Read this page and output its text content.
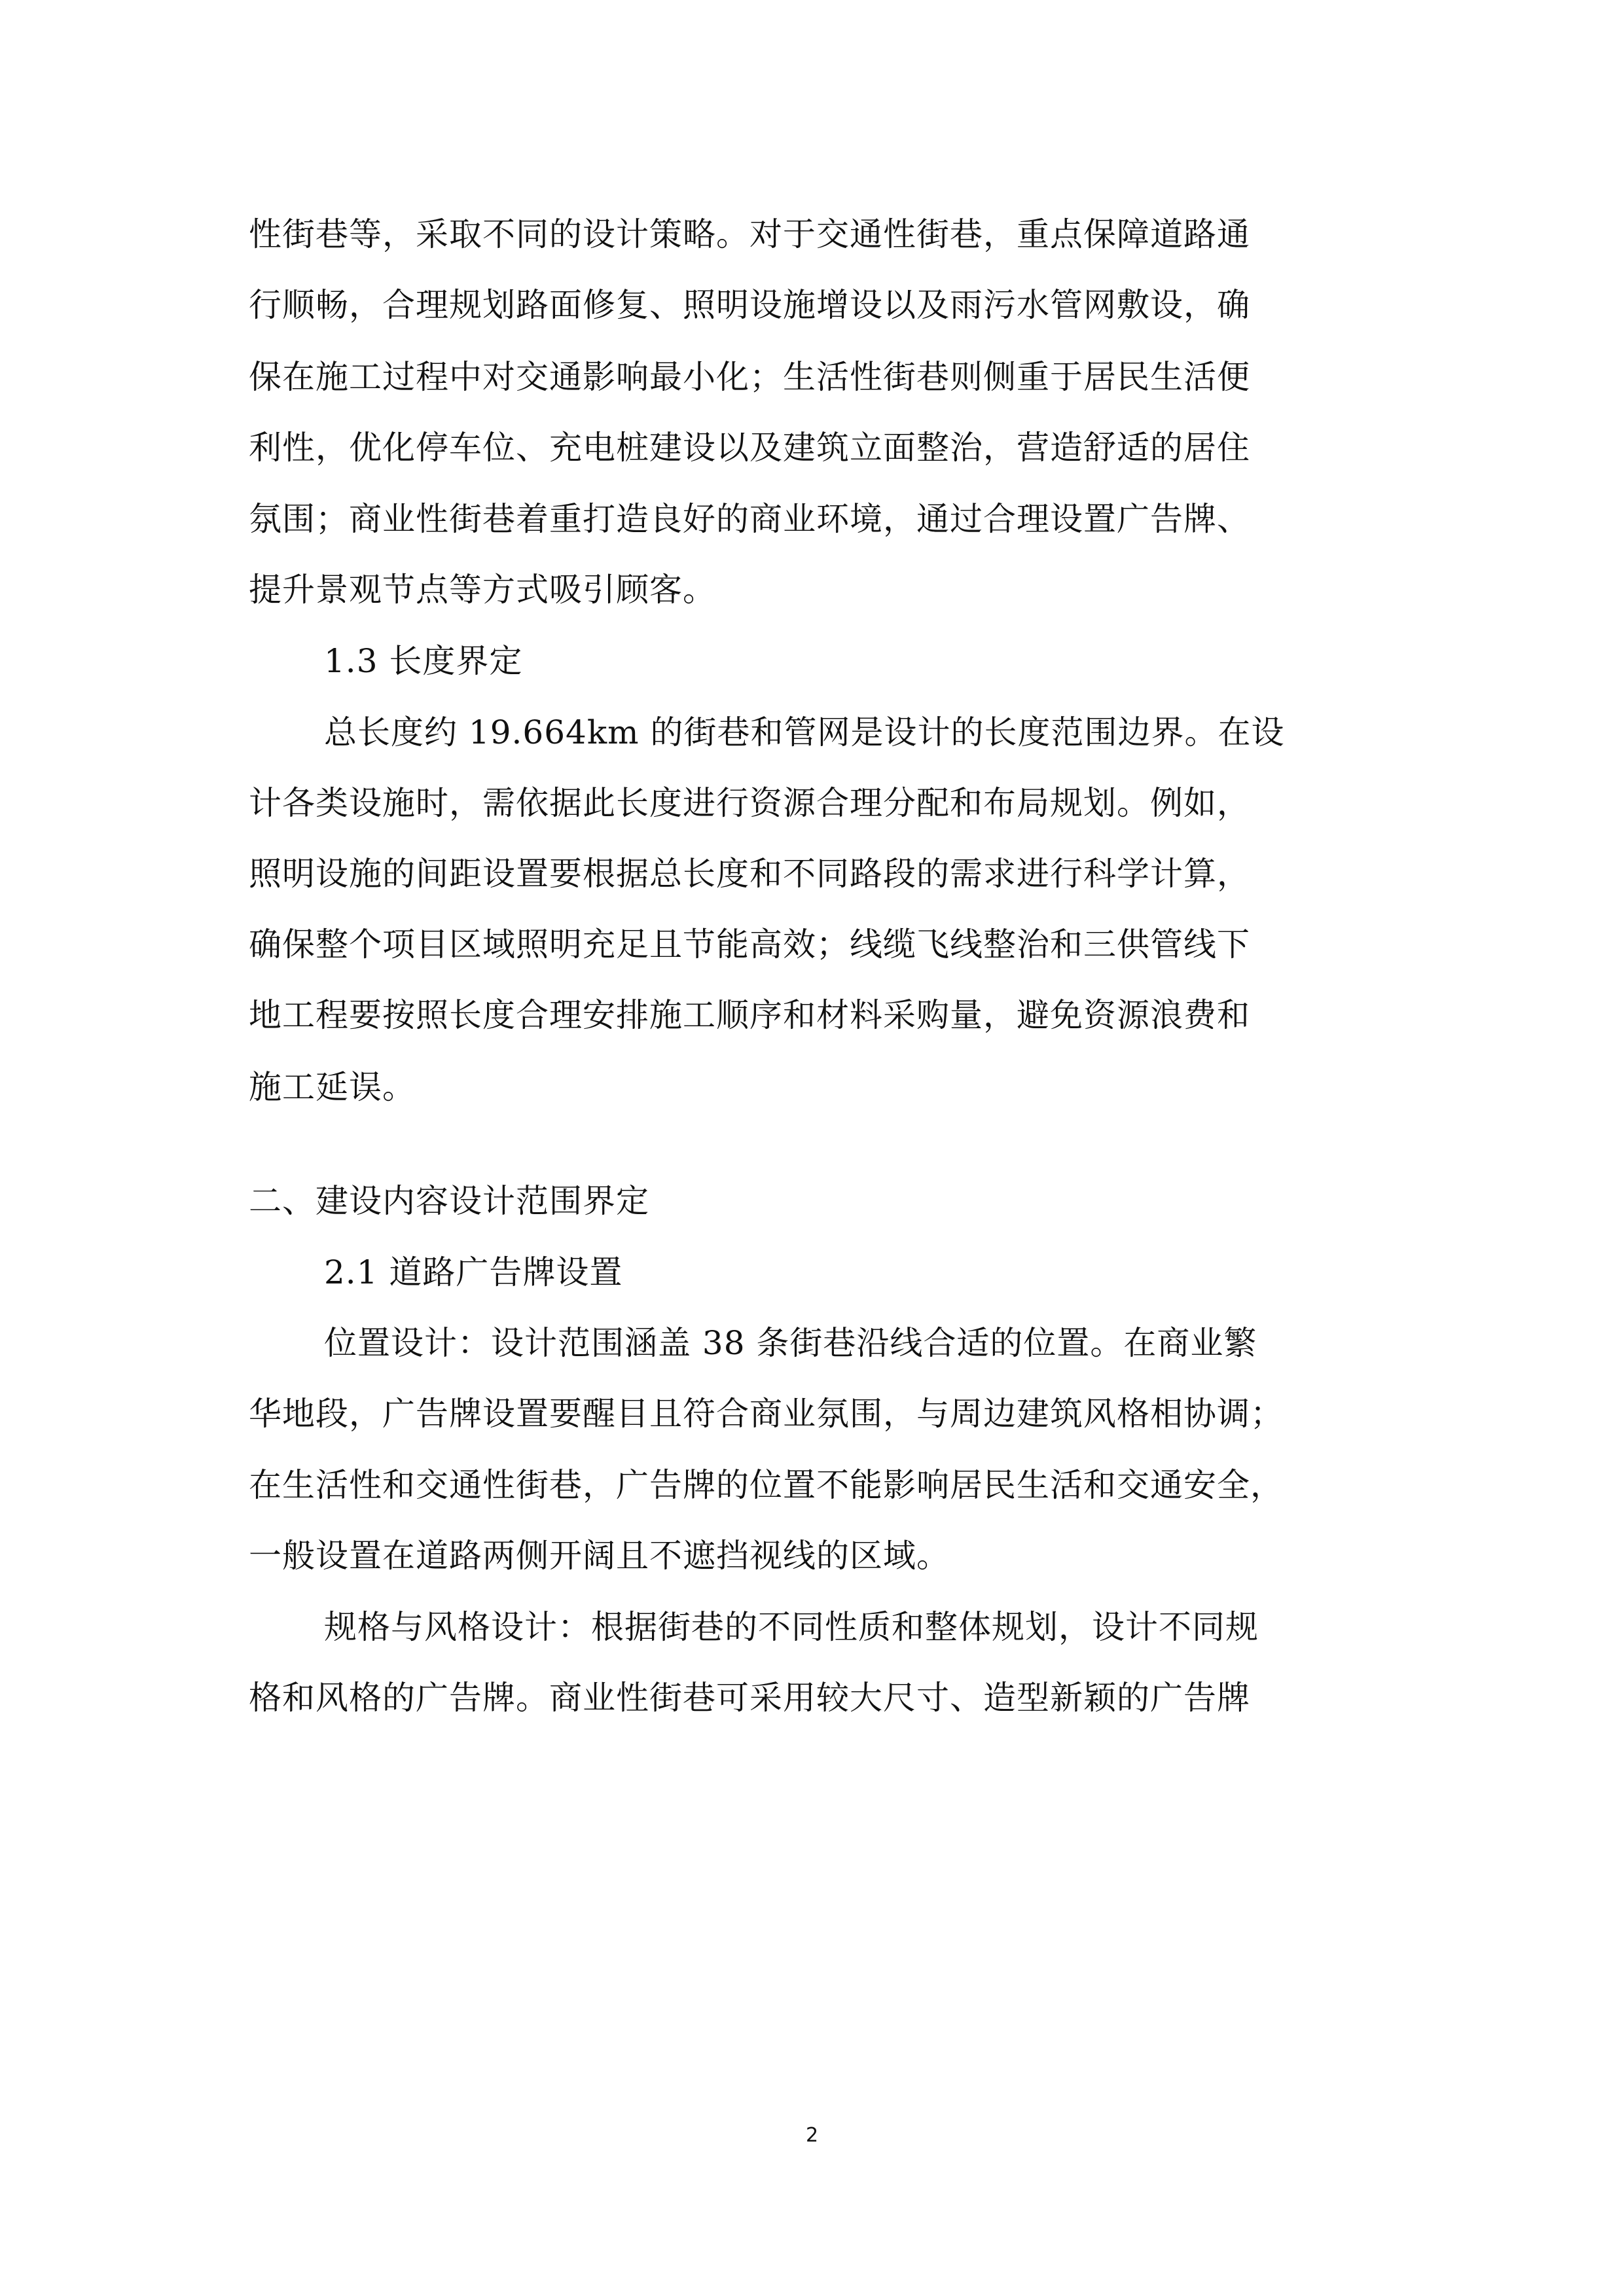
性街巷等，采取不同的设计策略。对于交通性街巷，重点保障道路通
行顺畅，合理规划路面修复、照明设施增设以及雨污水管网敷设，确
保在施工过程中对交通影响最小化；生活性街巷则侧重于居民生活便
利性，优化停车位、充电桩建设以及建筑立面整治，营造舒适的居住
氛围；商业性街巷着重打造良好的商业环境，通过合理设置广告牌、
提升景观节点等方式吸引顾客。
1.3 长度界定
总长度约 19.664km 的街巷和管网是设计的长度范围边界。在设
计各类设施时，需依据此长度进行资源合理分配和布局规划。例如，
照明设施的间距设置要根据总长度和不同路段的需求进行科学计算，
确保整个项目区域照明充足且节能高效；线缆飞线整治和三供管线下
地工程要按照长度合理安排施工顺序和材料采购量，避免资源浪费和
施工延误。
二、建设内容设计范围界定
2.1 道路广告牌设置
位置设计：设计范围涵盖 38 条街巷沿线合适的位置。在商业繁
华地段，广告牌设置要醒目且符合商业氛围，与周边建筑风格相协调；
在生活性和交通性街巷，广告牌的位置不能影响居民生活和交通安全，
一般设置在道路两侧开阔且不遮挡视线的区域。
规格与风格设计：根据街巷的不同性质和整体规划，设计不同规
格和风格的广告牌。商业性街巷可采用较大尺寸、造型新颖的广告牌
2
